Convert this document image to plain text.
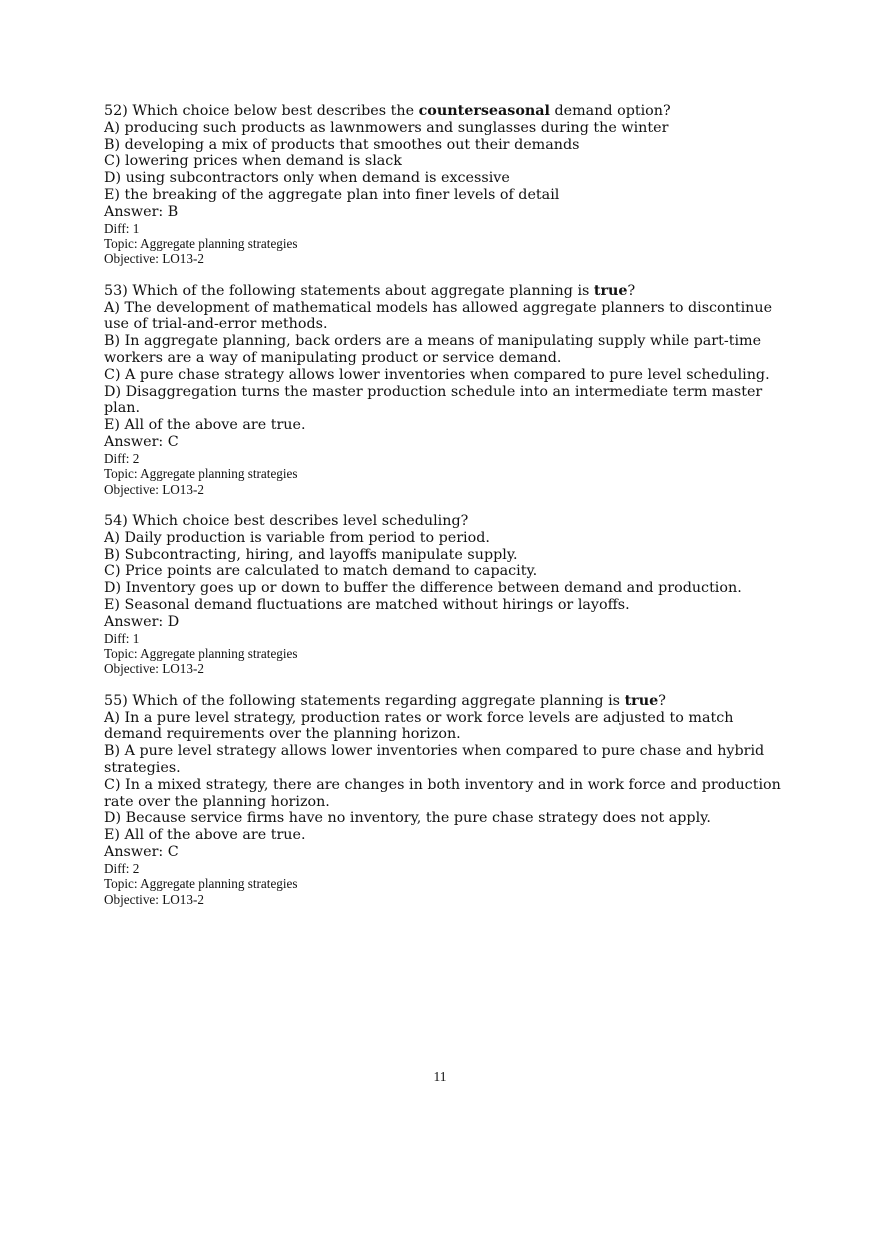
52) Which choice below best describes the counterseasonal demand option?

A) producing such products as lawnmowers and sunglasses during the winter

B) developing a mix of products that smoothes out their demands

C) lowering prices when demand is slack

D) using subcontractors only when demand is excessive

E) the breaking of the aggregate plan into finer levels of detail

Answer: B

Diff: 1

Topic: Aggregate planning strategies

Objective: LO13-2

53) Which of the following statements about aggregate planning is true?

A) The development of mathematical models has allowed aggregate planners to discontinue use of trial-and-error methods.

B) In aggregate planning, back orders are a means of manipulating supply while part-time workers are a way of manipulating product or service demand.

C) A pure chase strategy allows lower inventories when compared to pure level scheduling.

D) Disaggregation turns the master production schedule into an intermediate term master plan.

E) All of the above are true.

Answer: C

Diff: 2

Topic: Aggregate planning strategies

Objective: LO13-2

54) Which choice best describes level scheduling?

A) Daily production is variable from period to period.

B) Subcontracting, hiring, and layoffs manipulate supply.

C) Price points are calculated to match demand to capacity.

D) Inventory goes up or down to buffer the difference between demand and production.

E) Seasonal demand fluctuations are matched without hirings or layoffs.

Answer: D

Diff: 1

Topic: Aggregate planning strategies

Objective: LO13-2

55) Which of the following statements regarding aggregate planning is true?

A) In a pure level strategy, production rates or work force levels are adjusted to match demand requirements over the planning horizon.

B) A pure level strategy allows lower inventories when compared to pure chase and hybrid strategies.

C) In a mixed strategy, there are changes in both inventory and in work force and production rate over the planning horizon.

D) Because service firms have no inventory, the pure chase strategy does not apply.

E) All of the above are true.

Answer: C

Diff: 2

Topic: Aggregate planning strategies

Objective: LO13-2

11
